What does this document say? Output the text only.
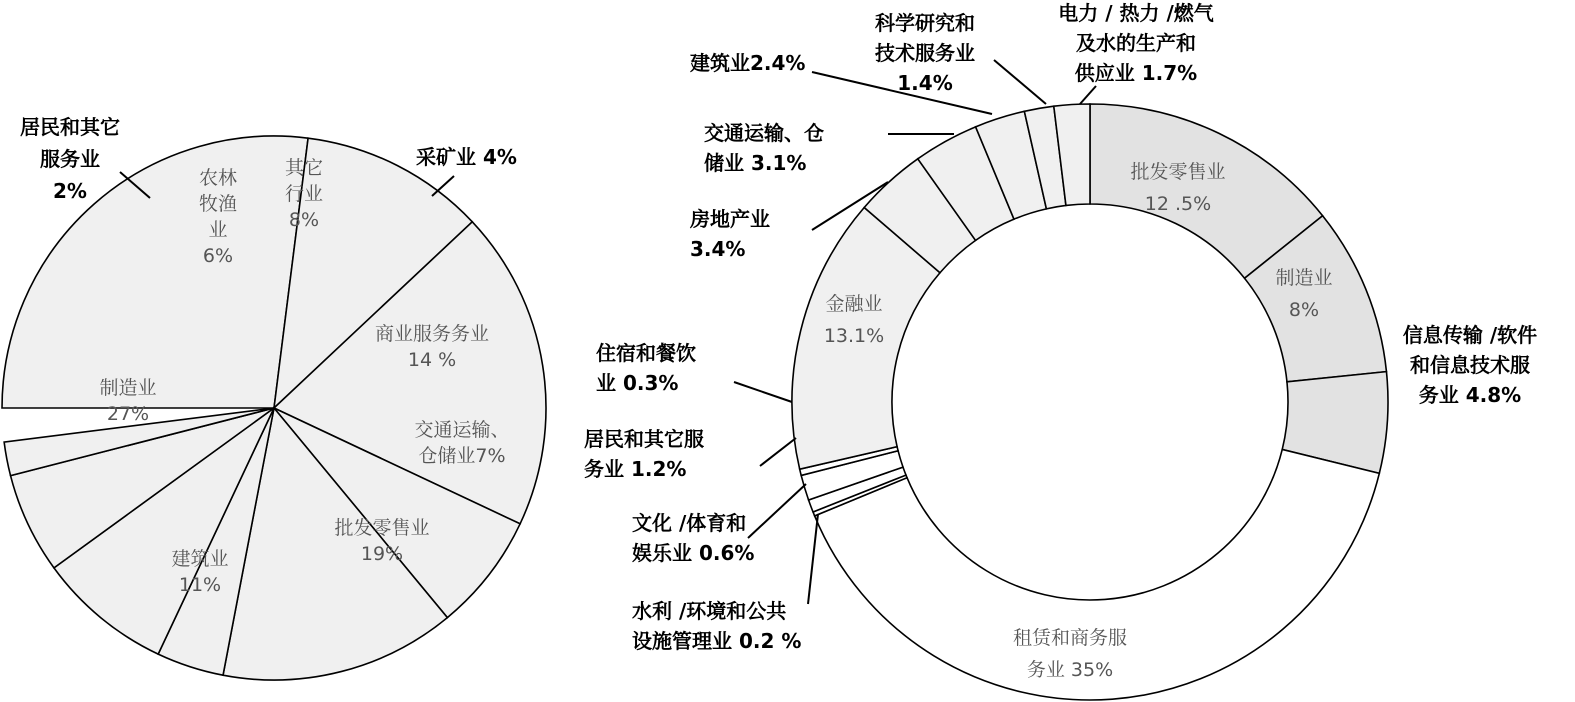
制造业 27%
建筑业 11%
批发零售业 19%
交通运输、仓储业7%
商业服务务业 14 %
采矿业 4%
其它行业 8%
农林牧渔业 6%
居民和其它服务业 2%
批发零售业 12 .5%
制造业 8%
信息传输 /软件和信息技术服务业 4.8%
租赁和商务服务业 35%
水利 /环境和公共设施管理业 0.2 %
文化 /体育和娱乐业 0.6%
居民和其它服务业 1.2%
住宿和餐饮业 0.3%
金融业 13.1%
房地产业 3.4%
交通运输、仓储业 3.1%
建筑业2.4%
科学研究和技术服务业 1.4%
电力 / 热力 /燃气及水的生产和供应业 1.7%
